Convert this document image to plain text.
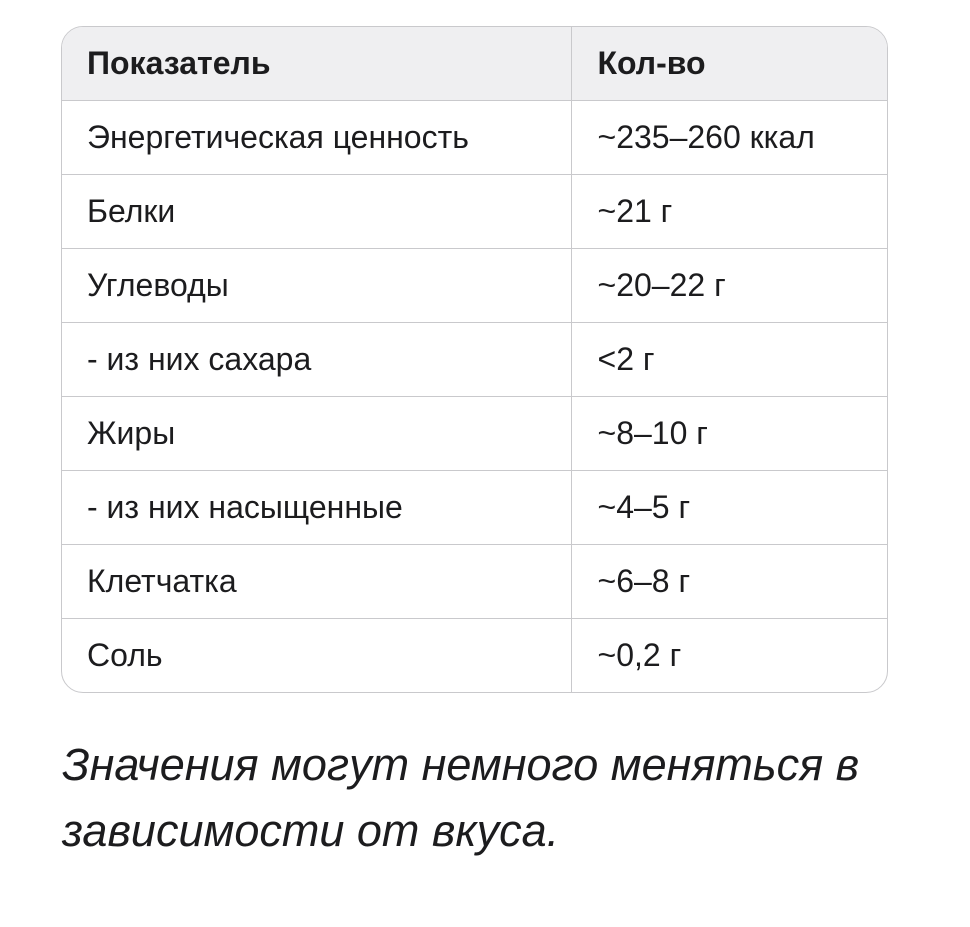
Показатель	Кол-во
Энергетическая ценность	~235–260 ккал
Белки	~21 г
Углеводы	~20–22 г
- из них сахара	<2 г
Жиры	~8–10 г
- из них насыщенные	~4–5 г
Клетчатка	~6–8 г
Соль	~0,2 г

Значения могут немного меняться в зависимости от вкуса.
